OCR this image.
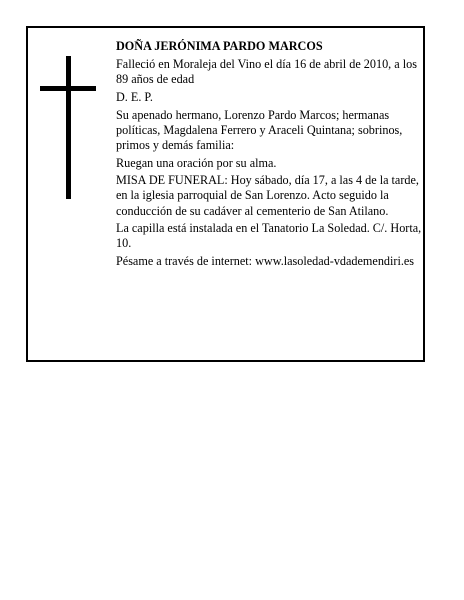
DOÑA JERÓNIMA PARDO MARCOS

Falleció en Moraleja del Vino el día 16 de abril de 2010, a los 89 años de edad

D. E. P.

Su apenado hermano, Lorenzo Pardo Marcos; hermanas políticas, Magdalena Ferrero y Araceli Quintana; sobrinos, primos y demás familia:

Ruegan una oración por su alma.

MISA DE FUNERAL: Hoy sábado, día 17, a las 4 de la tarde, en la iglesia parroquial de San Lorenzo. Acto seguido la conducción de su cadáver al cementerio de San Atilano.

La capilla está instalada en el Tanatorio La Soledad. C/. Horta, 10.

Pésame a través de internet: www.lasoledad-vdademendiri.es
